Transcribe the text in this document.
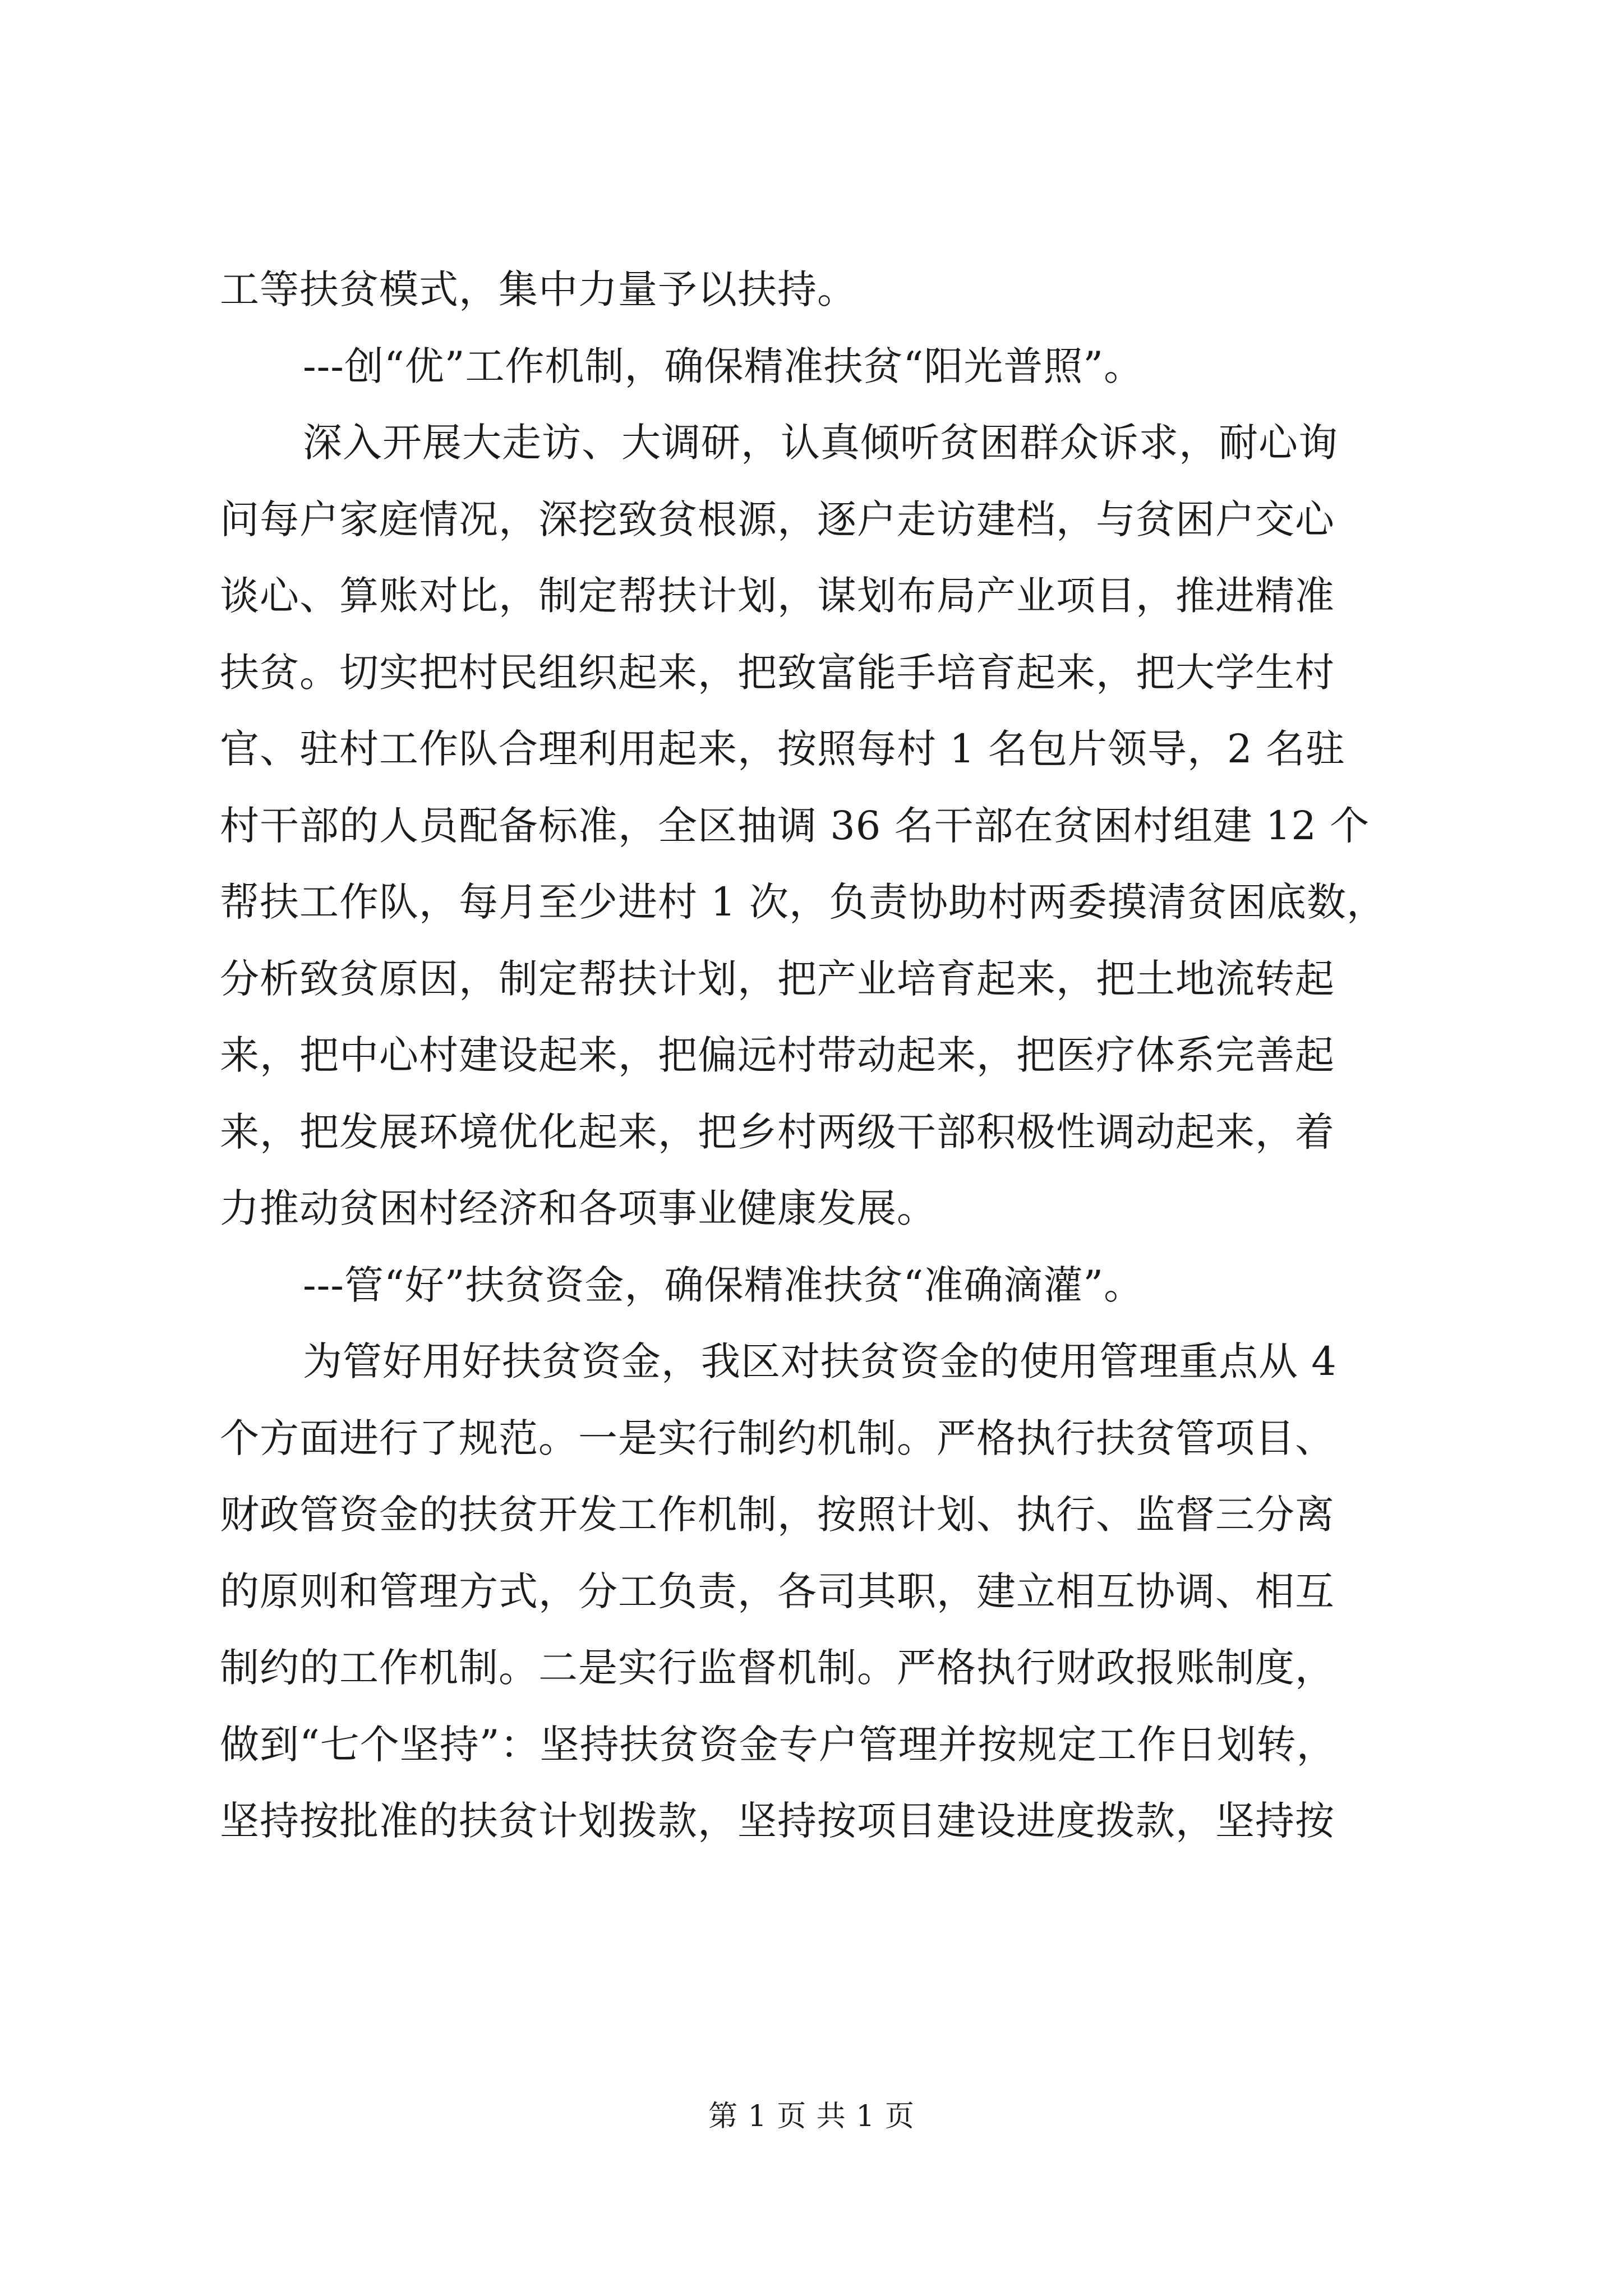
工等扶贫模式，集中力量予以扶持。
---创“优”工作机制，确保精准扶贫“阳光普照”。
深入开展大走访、大调研，认真倾听贫困群众诉求，耐心询
问每户家庭情况，深挖致贫根源，逐户走访建档，与贫困户交心
谈心、算账对比，制定帮扶计划，谋划布局产业项目，推进精准
扶贫。切实把村民组织起来，把致富能手培育起来，把大学生村
官、驻村工作队合理利用起来，按照每村 1 名包片领导，2 名驻
村干部的人员配备标准，全区抽调 36 名干部在贫困村组建 12 个
帮扶工作队，每月至少进村 1 次，负责协助村两委摸清贫困底数，
分析致贫原因，制定帮扶计划，把产业培育起来，把土地流转起
来，把中心村建设起来，把偏远村带动起来，把医疗体系完善起
来，把发展环境优化起来，把乡村两级干部积极性调动起来，着
力推动贫困村经济和各项事业健康发展。
---管“好”扶贫资金，确保精准扶贫“准确滴灌”。
为管好用好扶贫资金，我区对扶贫资金的使用管理重点从 4
个方面进行了规范。一是实行制约机制。严格执行扶贫管项目、
财政管资金的扶贫开发工作机制，按照计划、执行、监督三分离
的原则和管理方式，分工负责，各司其职，建立相互协调、相互
制约的工作机制。二是实行监督机制。严格执行财政报账制度，
做到“七个坚持”：坚持扶贫资金专户管理并按规定工作日划转，
坚持按批准的扶贫计划拨款，坚持按项目建设进度拨款，坚持按
第 1 页 共 1 页
